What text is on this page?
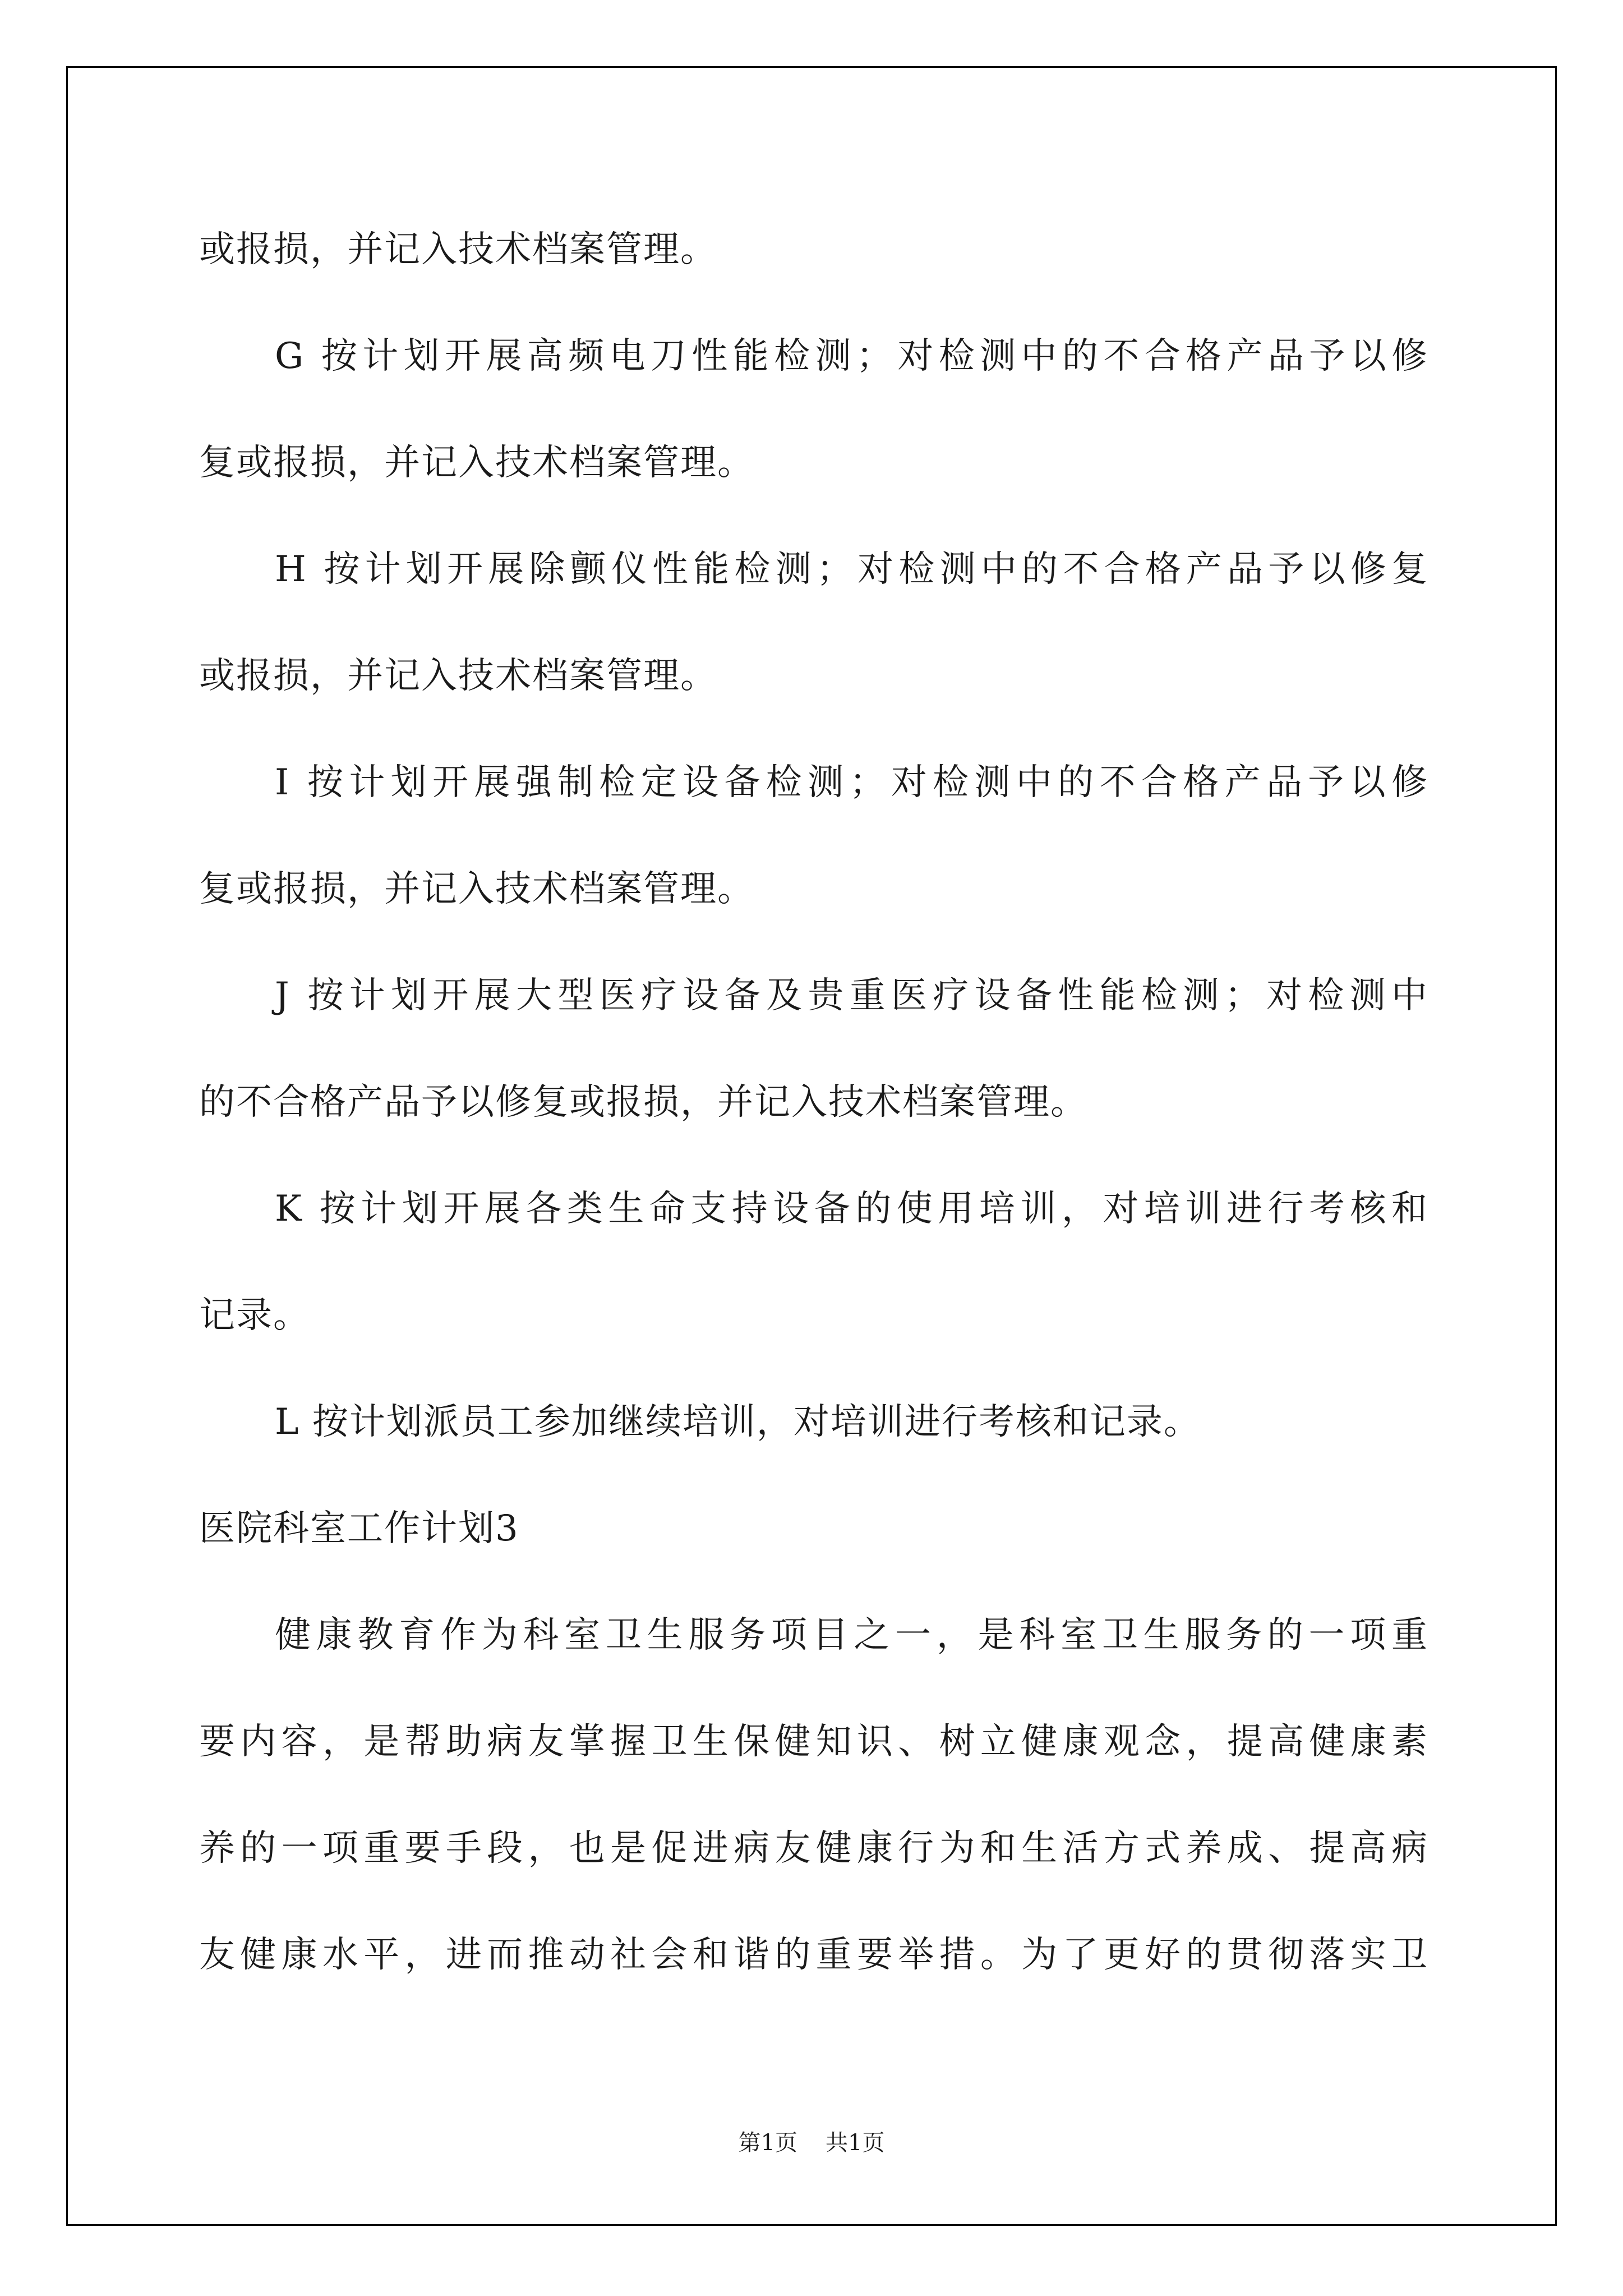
或报损，并记入技术档案管理。
G 按计划开展高频电刀性能检测；对检测中的不合格产品予以修
复或报损，并记入技术档案管理。
H 按计划开展除颤仪性能检测；对检测中的不合格产品予以修复
或报损，并记入技术档案管理。
I 按计划开展强制检定设备检测；对检测中的不合格产品予以修
复或报损，并记入技术档案管理。
J 按计划开展大型医疗设备及贵重医疗设备性能检测；对检测中
的不合格产品予以修复或报损，并记入技术档案管理。
K 按计划开展各类生命支持设备的使用培训，对培训进行考核和
记录。
L 按计划派员工参加继续培训，对培训进行考核和记录。
医院科室工作计划3
健康教育作为科室卫生服务项目之一，是科室卫生服务的一项重
要内容，是帮助病友掌握卫生保健知识、树立健康观念，提高健康素
养的一项重要手段，也是促进病友健康行为和生活方式养成、提高病
友健康水平，进而推动社会和谐的重要举措。为了更好的贯彻落实卫
第1页 共1页
